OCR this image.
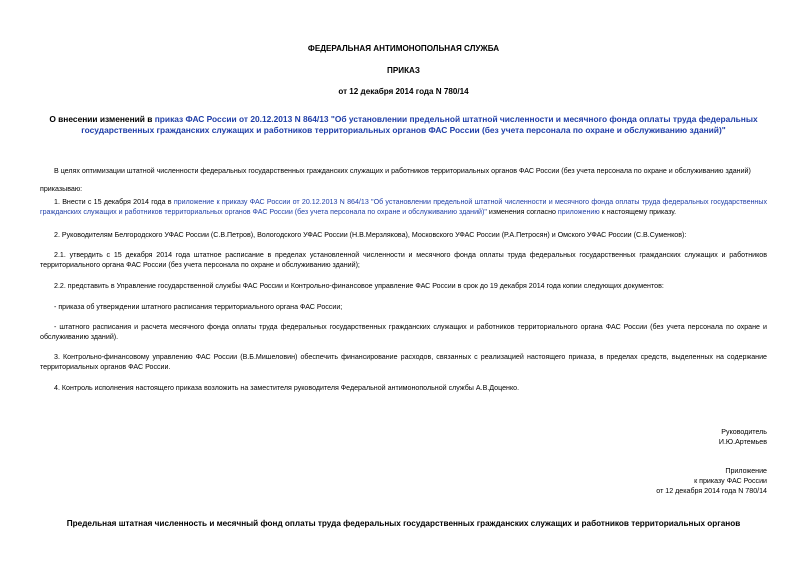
ФЕДЕРАЛЬНАЯ АНТИМОНОПОЛЬНАЯ СЛУЖБА
ПРИКАЗ
от 12 декабря 2014 года N 780/14
О внесении изменений в приказ ФАС России от 20.12.2013 N 864/13 "Об установлении предельной штатной численности и месячного фонда оплаты труда федеральных государственных гражданских служащих и работников территориальных органов ФАС России (без учета персонала по охране и обслуживанию зданий)"
В целях оптимизации штатной численности федеральных государственных гражданских служащих и работников территориальных органов ФАС России (без учета персонала по охране и обслуживанию зданий)
приказываю:
1. Внести с 15 декабря 2014 года в приложение к приказу ФАС России от 20.12.2013 N 864/13 "Об установлении предельной штатной численности и месячного фонда оплаты труда федеральных государственных гражданских служащих и работников территориальных органов ФАС России (без учета персонала по охране и обслуживанию зданий)" изменения согласно приложению к настоящему приказу.
2. Руководителям Белгородского УФАС России (С.В.Петров), Вологодского УФАС России (Н.В.Мерзлякова), Московского УФАС России (Р.А.Петросян) и Омского УФАС России (С.В.Суменков):
2.1. утвердить с 15 декабря 2014 года штатное расписание в пределах установленной численности и месячного фонда оплаты труда федеральных государственных гражданских служащих и работников территориального органа ФАС России (без учета персонала по охране и обслуживанию зданий);
2.2. представить в Управление государственной службы ФАС России и Контрольно-финансовое управление ФАС России в срок до 19 декабря 2014 года копии следующих документов:
- приказа об утверждении штатного расписания территориального органа ФАС России;
- штатного расписания и расчета месячного фонда оплаты труда федеральных государственных гражданских служащих и работников территориального органа ФАС России (без учета персонала по охране и обслуживанию зданий).
3. Контрольно-финансовому управлению ФАС России (В.Б.Мишеловин) обеспечить финансирование расходов, связанных с реализацией настоящего приказа, в пределах средств, выделенных на содержание территориальных органов ФАС России.
4. Контроль исполнения настоящего приказа возложить на заместителя руководителя Федеральной антимонопольной службы А.В.Доценко.
Руководитель
И.Ю.Артемьев
Приложение
к приказу ФАС России
от 12 декабря 2014 года N 780/14
Предельная штатная численность и месячный фонд оплаты труда федеральных государственных гражданских служащих и работников территориальных органов
